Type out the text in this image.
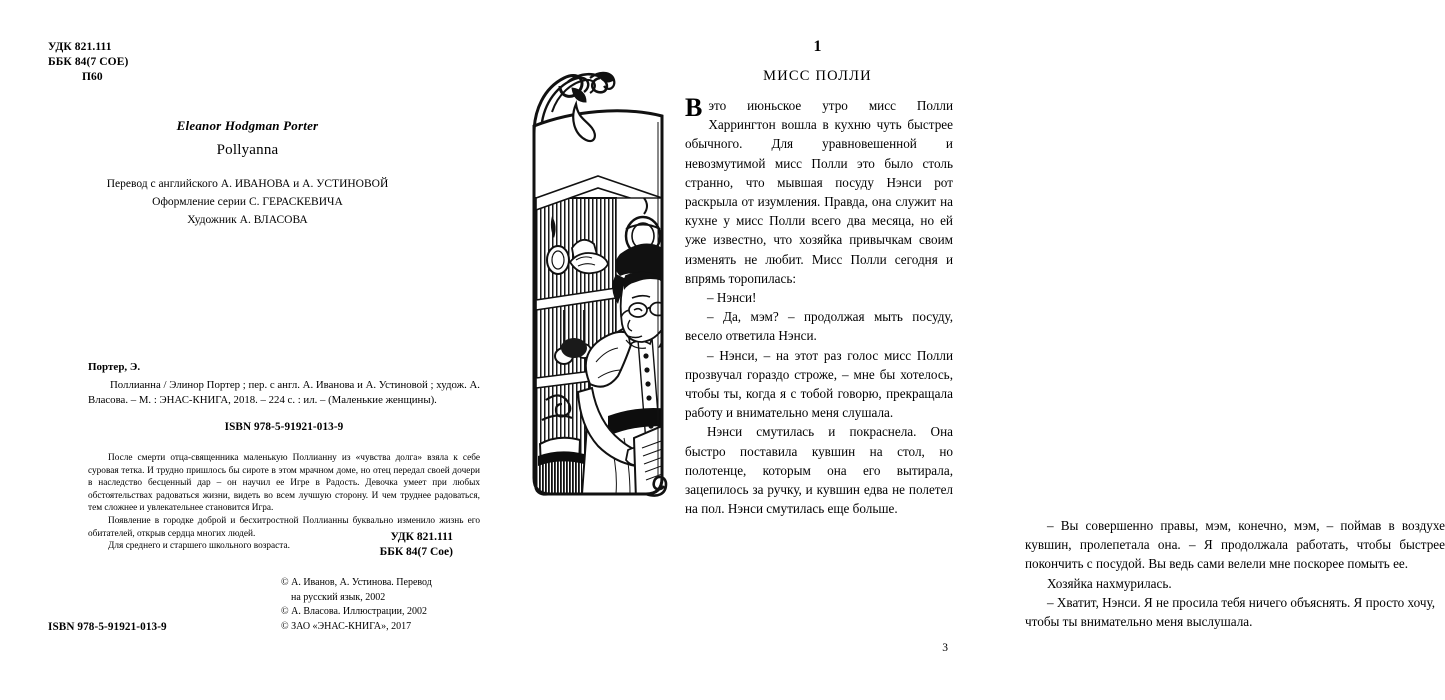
УДК 821.111
ББК 84(7 СОЕ)
П60
Eleanor Hodgman Porter
Pollyanna
Перевод с английского А. ИВАНОВА и А. УСТИНОВОЙ
Оформление серии С. ГЕРАСКЕВИЧА
Художник А. ВЛАСОВА
Портер, Э.
Поллианна / Элинор Портер ; пер. с англ. А. Иванова и А. Устиновой ; худож. А. Власова. – М. : ЭНАС-КНИГА, 2018. – 224 с. : ил. – (Маленькие женщины).
ISBN 978-5-91921-013-9

После смерти отца-священника маленькую Поллианну из «чувства долга» взяла к себе суровая тетка. И трудно пришлось бы сироте в этом мрачном доме, но отец передал своей дочери в наследство бесценный дар – он научил ее Игре в Радость. Девочка умеет при любых обстоятельствах радоваться жизни, видеть во всем лучшую сторону. И чем труднее радоваться, тем сложнее и увлекательнее становится Игра.

Появление в городке доброй и бесхитростной Поллианны буквально изменило жизнь его обитателей, открыв сердца многих людей.

Для среднего и старшего школьного возраста.

УДК 821.111
ББК 84(7 Сое)
© А. Иванов, А. Устинова. Перевод
на русский язык, 2002
© А. Власова. Иллюстрации, 2002
© ЗАО «ЭНАС-КНИГА», 2017
ISBN 978-5-91921-013-9
1
МИСС ПОЛЛИ

В это июньское утро мисс Полли Харрингтон вошла в кухню чуть быстрее обычного. Для уравновешенной и невозмутимой мисс Полли это было столь странно, что мывшая посуду Нэнси рот раскрыла от изумления. Правда, она служит на кухне у мисс Полли всего два месяца, но ей уже известно, что хозяйка привычкам своим изменять не любит. Мисс Полли сегодня и впрямь торопилась:

– Нэнси!

– Да, мэм? – продолжая мыть посуду, весело ответила Нэнси.

– Нэнси, – на этот раз голос мисс Полли прозвучал гораздо строже, – мне бы хотелось, чтобы ты, когда я с тобой говорю, прекращала работу и внимательно меня слушала.

Нэнси смутилась и покраснела. Она быстро поставила кувшин на стол, но полотенце, которым она его вытирала, зацепилось за ручку, и кувшин едва не полетел на пол. Нэнси смутилась еще больше.

– Вы совершенно правы, мэм, конечно, мэм, – поймав в воздухе кувшин, пролепетала она. – Я продолжала работать, чтобы быстрее покончить с посудой. Вы ведь сами велели мне поскорее помыть ее.

Хозяйка нахмурилась.

– Хватит, Нэнси. Я не просила тебя ничего объяснять. Я просто хочу, чтобы ты внимательно меня выслушала.

3
